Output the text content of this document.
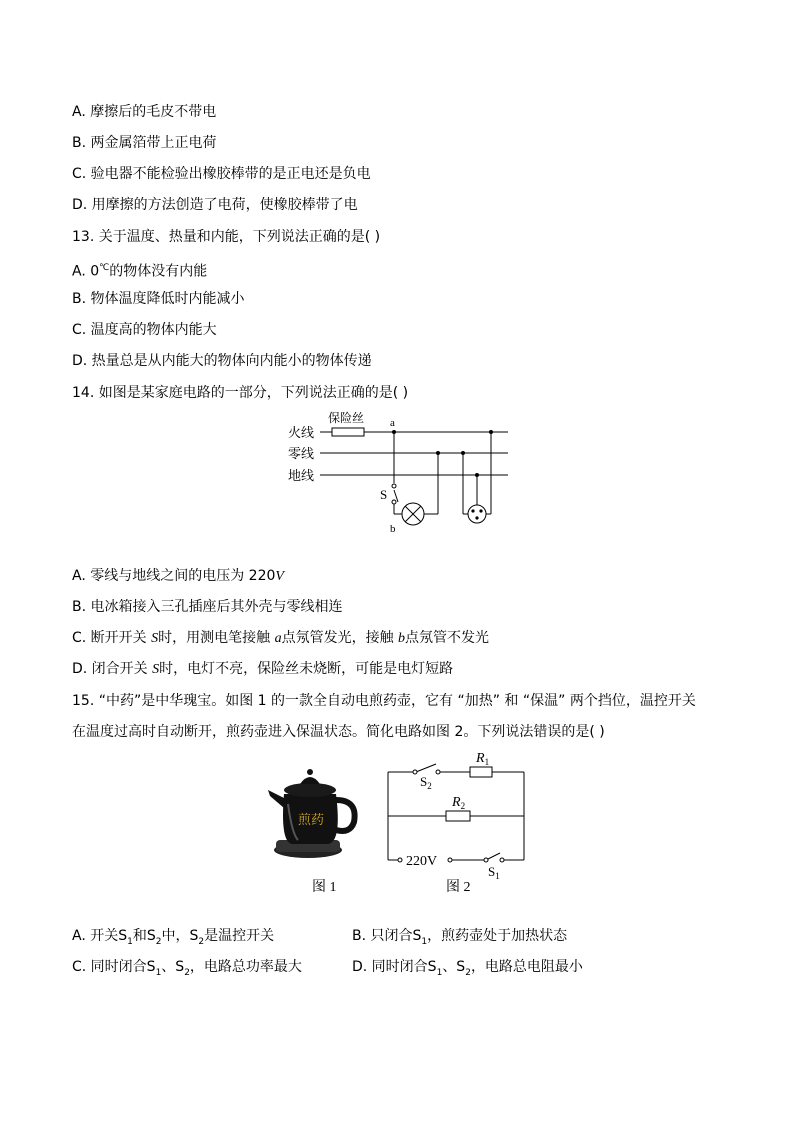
A. 摩擦后的毛皮不带电
B. 两金属箔带上正电荷
C. 验电器不能检验出橡胶棒带的是正电还是负电
D. 用摩擦的方法创造了电荷，使橡胶棒带了电
13. 关于温度、热量和内能，下列说法正确的是( )
A. 0℃的物体没有内能
B. 物体温度降低时内能减小
C. 温度高的物体内能大
D. 热量总是从内能大的物体向内能小的物体传递
14. 如图是某家庭电路的一部分，下列说法正确的是( )
火线
零线
地线
保险丝 a
b
S
A. 零线与地线之间的电压为 220V
B. 电冰箱接入三孔插座后其外壳与零线相连
C. 断开开关 S时，用测电笔接触 a点氖管发光，接触 b点氖管不发光
D. 闭合开关 S时，电灯不亮，保险丝未烧断，可能是电灯短路
15. “中药”是中华瑰宝。如图 1 的一款全自动电煎药壶，它有 “加热” 和 “保温” 两个挡位，温控开关
在温度过高时自动断开，煎药壶进入保温状态。简化电路如图 2。下列说法错误的是( )
煎药
图 1
$R_1$
$R_2$
$S_2$
$S_1$
220V
图 2
A. 开关$S_1$和$S_2$中，$S_2$是温控开关	B. 只闭合$S_1$，煎药壶处于加热状态
C. 同时闭合$S_1$、$S_2$，电路总功率最大	D. 同时闭合$S_1$、$S_2$，电路总电阻最小
